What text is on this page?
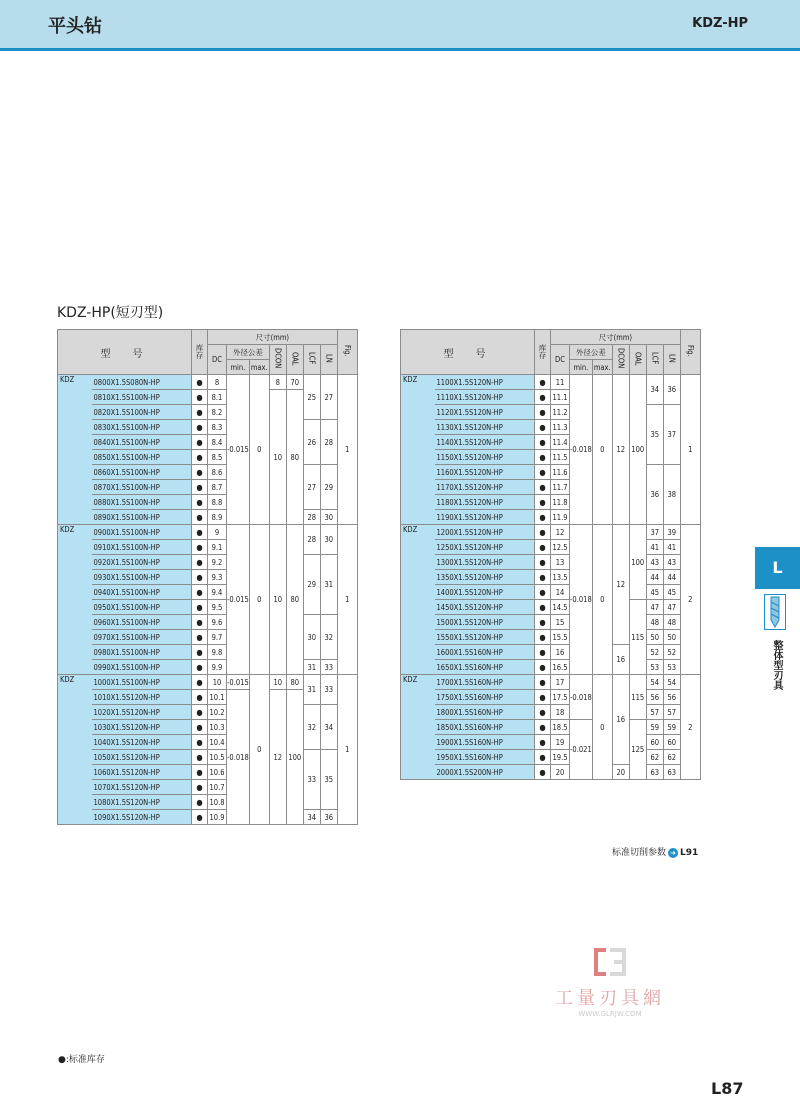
平头钻	KDZ-HP
KDZ-HP(短刃型)
型　号		库存	尺寸(mm)							Fig.
			DC	外径公差		DCON	OAL	LCF	LN	
				min.	max.					
KDZ	0800X1.5S080N-HP	●	8	-0.015	0	8	70	25	27	1
	0810X1.5S100N-HP	●	8.1			10	80			
	0820X1.5S100N-HP	●	8.2							
	0830X1.5S100N-HP	●	8.3					26	28	
	0840X1.5S100N-HP	●	8.4							
	0850X1.5S100N-HP	●	8.5							
	0860X1.5S100N-HP	●	8.6					27	29	
	0870X1.5S100N-HP	●	8.7							
	0880X1.5S100N-HP	●	8.8							
	0890X1.5S100N-HP	●	8.9					28	30	
KDZ	0900X1.5S100N-HP	●	9	-0.015	0	10	80	28	30	1
	0910X1.5S100N-HP	●	9.1							
	0920X1.5S100N-HP	●	9.2					29	31	
	0930X1.5S100N-HP	●	9.3							
	0940X1.5S100N-HP	●	9.4							
	0950X1.5S100N-HP	●	9.5							
	0960X1.5S100N-HP	●	9.6					30	32	
	0970X1.5S100N-HP	●	9.7							
	0980X1.5S100N-HP	●	9.8							
	0990X1.5S100N-HP	●	9.9					31	33	
KDZ	1000X1.5S100N-HP	●	10	-0.015	0	10	80	31	33	1
	1010X1.5S120N-HP	●	10.1	-0.018		12	100			
	1020X1.5S120N-HP	●	10.2					32	34	
	1030X1.5S120N-HP	●	10.3							
	1040X1.5S120N-HP	●	10.4							
	1050X1.5S120N-HP	●	10.5					33	35	
	1060X1.5S120N-HP	●	10.6							
	1070X1.5S120N-HP	●	10.7							
	1080X1.5S120N-HP	●	10.8							
	1090X1.5S120N-HP	●	10.9					34	36	
型　号		库存	尺寸(mm)							Fig.
			DC	外径公差		DCON	OAL	LCF	LN	
				min.	max.					
KDZ	1100X1.5S120N-HP	●	11	-0.018	0	12	100	34	36	1
	1110X1.5S120N-HP	●	11.1							
	1120X1.5S120N-HP	●	11.2					35	37	
	1130X1.5S120N-HP	●	11.3							
	1140X1.5S120N-HP	●	11.4							
	1150X1.5S120N-HP	●	11.5							
	1160X1.5S120N-HP	●	11.6					36	38	
	1170X1.5S120N-HP	●	11.7							
	1180X1.5S120N-HP	●	11.8							
	1190X1.5S120N-HP	●	11.9							
KDZ	1200X1.5S120N-HP	●	12	-0.018	0	12	100	37	39	2
	1250X1.5S120N-HP	●	12.5					41	41	
	1300X1.5S120N-HP	●	13					43	43	
	1350X1.5S120N-HP	●	13.5					44	44	
	1400X1.5S120N-HP	●	14					45	45	
	1450X1.5S120N-HP	●	14.5				115	47	47	
	1500X1.5S120N-HP	●	15					48	48	
	1550X1.5S120N-HP	●	15.5					50	50	
	1600X1.5S160N-HP	●	16			16		52	52	
	1650X1.5S160N-HP	●	16.5					53	53	
KDZ	1700X1.5S160N-HP	●	17	-0.018	0	16	115	54	54	2
	1750X1.5S160N-HP	●	17.5					56	56	
	1800X1.5S160N-HP	●	18					57	57	
	1850X1.5S160N-HP	●	18.5	-0.021			125	59	59	
	1900X1.5S160N-HP	●	19					60	60	
	1950X1.5S160N-HP	●	19.5					62	62	
	2000X1.5S200N-HP	●	20			20		63	63	
L
整体型刃具
标准切削参数 ➜ L91
工量刃具網
WWW.GLRJW.COM
●:标准库存
L87
